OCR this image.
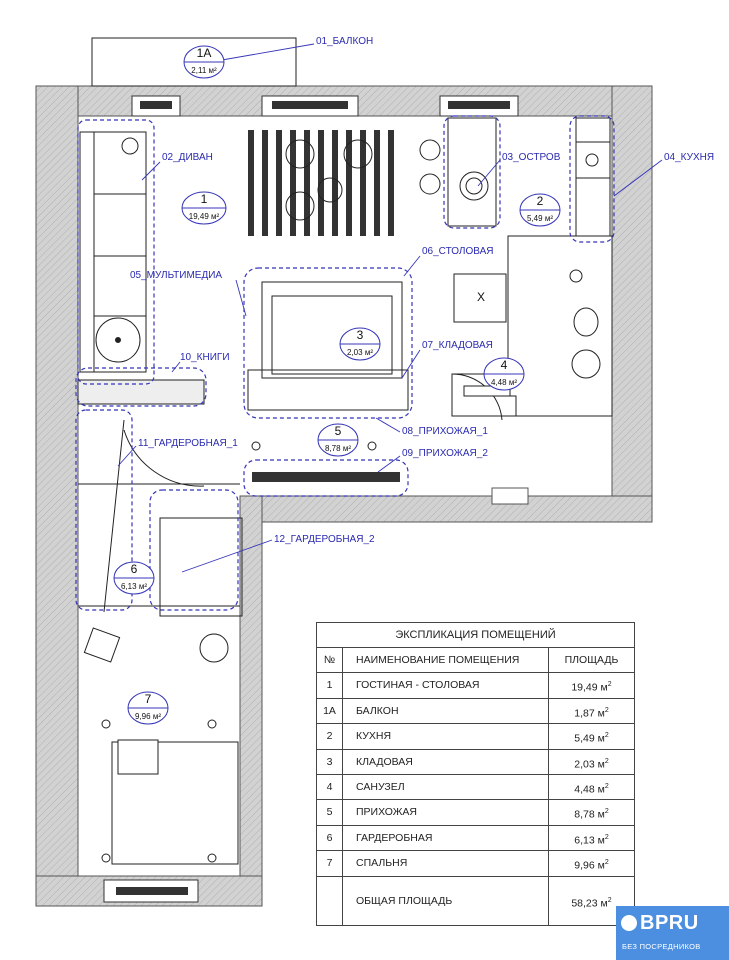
Х
1A
2,11 м²
1
19,49 м²
2
5,49 м²
3
2,03 м²
4
4,48 м²
5
8,78 м²
6
6,13 м²
7
9,96 м²
01_БАЛКОН
02_ДИВАН	03_ОСТРОВ	04_КУХНЯ
05_МУЛЬТИМЕДИА
06_СТОЛОВАЯ
07_КЛАДОВАЯ
08_ПРИХОЖАЯ_1
09_ПРИХОЖАЯ_2
10_КНИГИ
11_ГАРДЕРОБНАЯ_1
12_ГАРДЕРОБНАЯ_2
ЭКСПЛИКАЦИЯ ПОМЕЩЕНИЙ
№	НАИМЕНОВАНИЕ ПОМЕЩЕНИЯ	ПЛОЩАДЬ
1	ГОСТИНАЯ - СТОЛОВАЯ	19,49 $м^2$
1А	БАЛКОН	1,87 $м^2$
2	КУХНЯ	5,49 $м^2$
3	КЛАДОВАЯ	2,03 $м^2$
4	САНУЗЕЛ	4,48 $м^2$
5	ПРИХОЖАЯ	8,78 $м^2$
6	ГАРДЕРОБНАЯ	6,13 $м^2$
7	СПАЛЬНЯ	9,96 $м^2$
ОБЩАЯ ПЛОЩАДЬ	58,23 $м^2$
BPRU
БЕЗ ПОСРЕДНИКОВ
